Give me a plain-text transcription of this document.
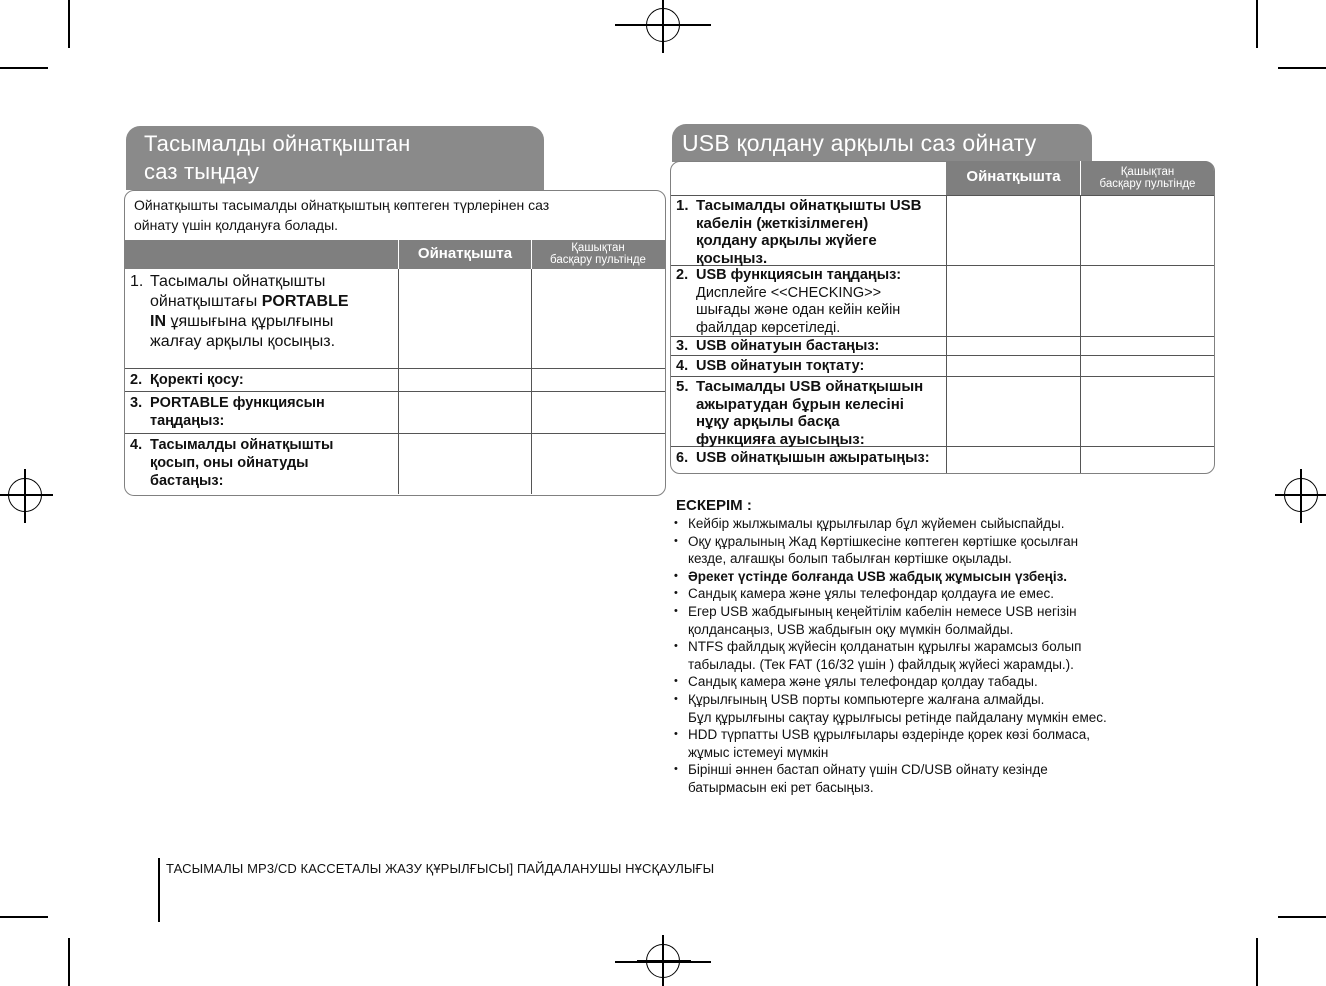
Тасымалды ойнатқыштан
саз тыңдау
Ойнатқышты тасымалды ойнатқыштың көптеген түрлерінен саз
ойнату үшін қолдануға болады.
Ойнатқышта	Қашықтан
басқару пультінде
1. Тасымалы ойнатқышты
ойнатқыштағы PORTABLE
IN ұяшығына құрылғыны
жалғау арқылы қосыңыз.
2. Қоректі қосу:
3. PORTABLE функциясын
таңдаңыз:
4. Тасымалды ойнатқышты
қосып, оны ойнатуды
бастаңыз:
USB қолдану арқылы саз ойнату
Ойнатқышта	Қашықтан
басқару пультінде
1. Тасымалды ойнатқышты USB
кабелін (жеткізілмеген)
қолдану арқылы жүйеге
қосыңыз.
2. USB функциясын таңдаңыз:
Дисплейге <<CHECKING>>
шығады және одан кейін кейін
файлдар көрсетіледі.
3. USB ойнатуын бастаңыз:
4. USB ойнатуын тоқтату:
5. Тасымалды USB ойнатқышын
ажыратудан бұрын келесіні
нұқу арқылы басқа
функцияға ауысыңыз:
6. USB ойнатқышын ажыратыңыз:
ЕСКЕРІМ :
• Кейбір жылжымалы құрылғылар бұл жүйемен сыйыспайды.
• Оқу құралының Жад Көртішкесіне көптеген көртішке қосылған
кезде, алғашқы болып табылған көртішке оқылады.
• Әрекет үстінде болғанда USB жабдық жұмысын үзбеңіз.
• Сандық камера және ұялы телефондар қолдауға ие емес.
• Егер USB жабдығының кеңейтілім кабелін немесе USB негізін
қолдансаңыз, USB жабдығын оқу мүмкін болмайды.
• NTFS файлдық жүйесін қолданатын құрылғы жарамсыз болып
табылады. (Тек FAT (16/32 үшін ) файлдық жүйесі жарамды.).
• Сандық камера және ұялы телефондар қолдау табады.
• Құрылғының USB порты компьютерге жалғана алмайды.
Бұл құрылғыны сақтау құрылғысы ретінде пайдалану мүмкін емес.
• HDD түрпатты USB құрылғылары өздерінде қорек көзі болмаса,
жұмыс істемеуі мүмкін
• Бірінші әннен бастап ойнату үшін CD/USB ойнату кезінде
батырмасын екі рет басыңыз.
ТАСЫМАЛЫ MP3/CD КАССЕТАЛЫ ЖАЗУ ҚҰРЫЛҒЫСЫ] ПАЙДАЛАНУШЫ НҰСҚАУЛЫҒЫ
